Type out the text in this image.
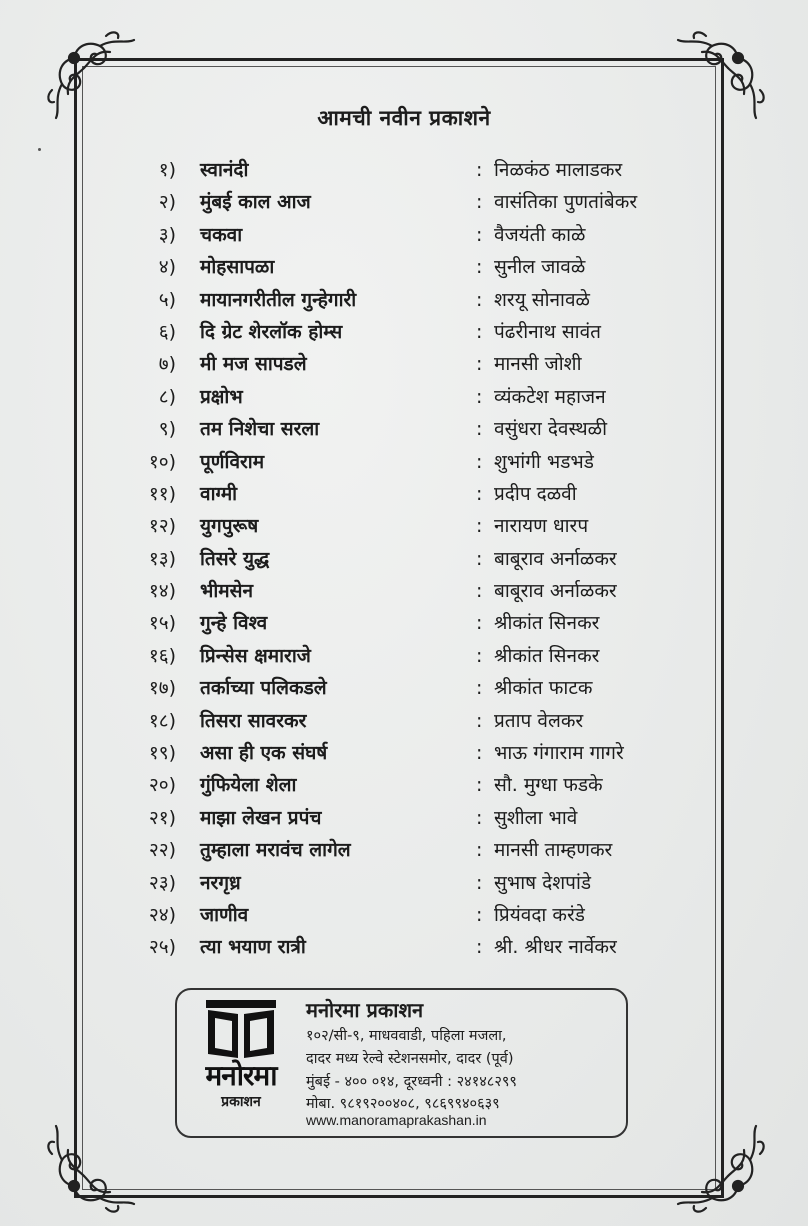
आमची नवीन प्रकाशने
१) स्वानंदी	: निळकंठ मालाडकर
२) मुंबई काल आज	: वासंतिका पुणतांबेकर
३) चकवा	: वैजयंती काळे
४) मोहसापळा	: सुनील जावळे
५) मायानगरीतील गुन्हेगारी	: शरयू सोनावळे
६) दि ग्रेट शेरलॉक होम्स	: पंढरीनाथ सावंत
७) मी मज सापडले	: मानसी जोशी
८) प्रक्षोभ	: व्यंकटेश महाजन
९) तम निशेचा सरला	: वसुंधरा देवस्थळी
१०) पूर्णविराम	: शुभांगी भडभडे
११) वाग्मी	: प्रदीप दळवी
१२) युगपुरूष	: नारायण धारप
१३) तिसरे युद्ध	: बाबूराव अर्नाळकर
१४) भीमसेन	: बाबूराव अर्नाळकर
१५) गुन्हे विश्व	: श्रीकांत सिनकर
१६) प्रिन्सेस क्षमाराजे	: श्रीकांत सिनकर
१७) तर्काच्या पलिकडले	: श्रीकांत फाटक
१८) तिसरा सावरकर	: प्रताप वेलकर
१९) असा ही एक संघर्ष	: भाऊ गंगाराम गागरे
२०) गुंफियेला शेला	: सौ. मुग्धा फडके
२१) माझा लेखन प्रपंच	: सुशीला भावे
२२) तुम्हाला मरावंच लागेल	: मानसी ताम्हणकर
२३) नरगृध्र	: सुभाष देशपांडे
२४) जाणीव	: प्रियंवदा करंडे
२५) त्या भयाण रात्री	: श्री. श्रीधर नार्वेकर
मनोरमा
प्रकाशन
मनोरमा प्रकाशन
१०२/सी-९, माधववाडी, पहिला मजला,
दादर मध्य रेल्वे स्टेशनसमोर, दादर (पूर्व)
मुंबई - ४०० ०१४, दूरध्वनी : २४१४८२९९
मोबा. ९८१९२००४०८, ९८६९९४०६३९
www.manoramaprakashan.in
